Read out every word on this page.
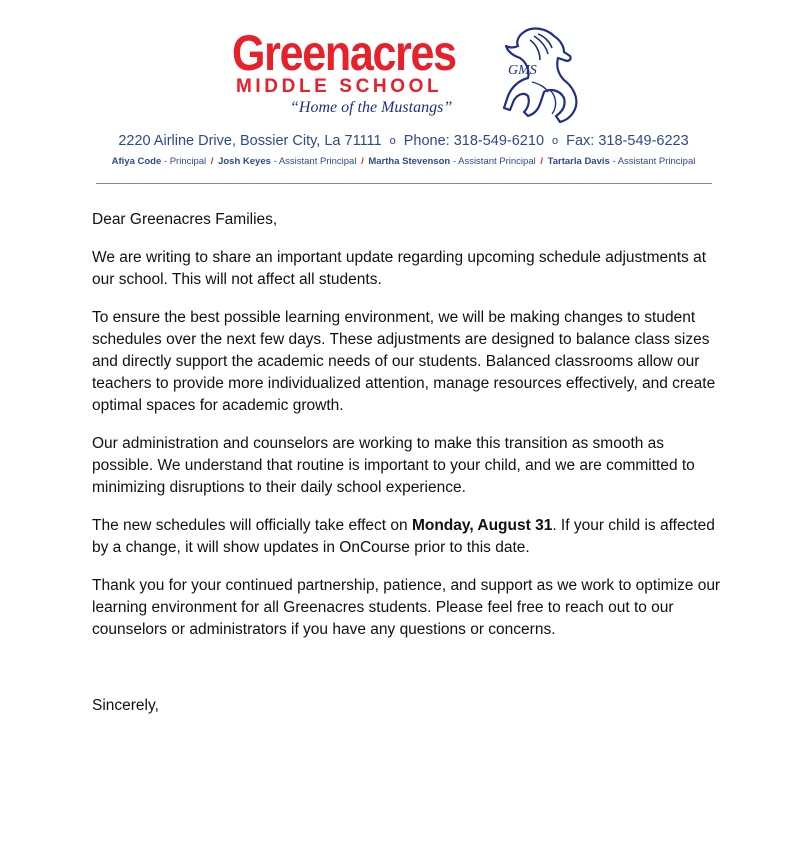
Greenacres
MIDDLE SCHOOL
“Home of the Mustangs”
GMS
2220 Airline Drive, Bossier City, La 71111 o Phone: 318-549-6210 o Fax: 318-549-6223
Afiya Code - Principal / Josh Keyes - Assistant Principal / Martha Stevenson - Assistant Principal / Tartarla Davis - Assistant Principal

Dear Greenacres Families,

We are writing to share an important update regarding upcoming schedule adjustments at our school. This will not affect all students.

To ensure the best possible learning environment, we will be making changes to student schedules over the next few days. These adjustments are designed to balance class sizes and directly support the academic needs of our students. Balanced classrooms allow our teachers to provide more individualized attention, manage resources effectively, and create optimal spaces for academic growth.

Our administration and counselors are working to make this transition as smooth as possible. We understand that routine is important to your child, and we are committed to minimizing disruptions to their daily school experience.

The new schedules will officially take effect on Monday, August 31. If your child is affected by a change, it will show updates in OnCourse prior to this date.

Thank you for your continued partnership, patience, and support as we work to optimize our learning environment for all Greenacres students. Please feel free to reach out to our counselors or administrators if you have any questions or concerns.

Sincerely,
